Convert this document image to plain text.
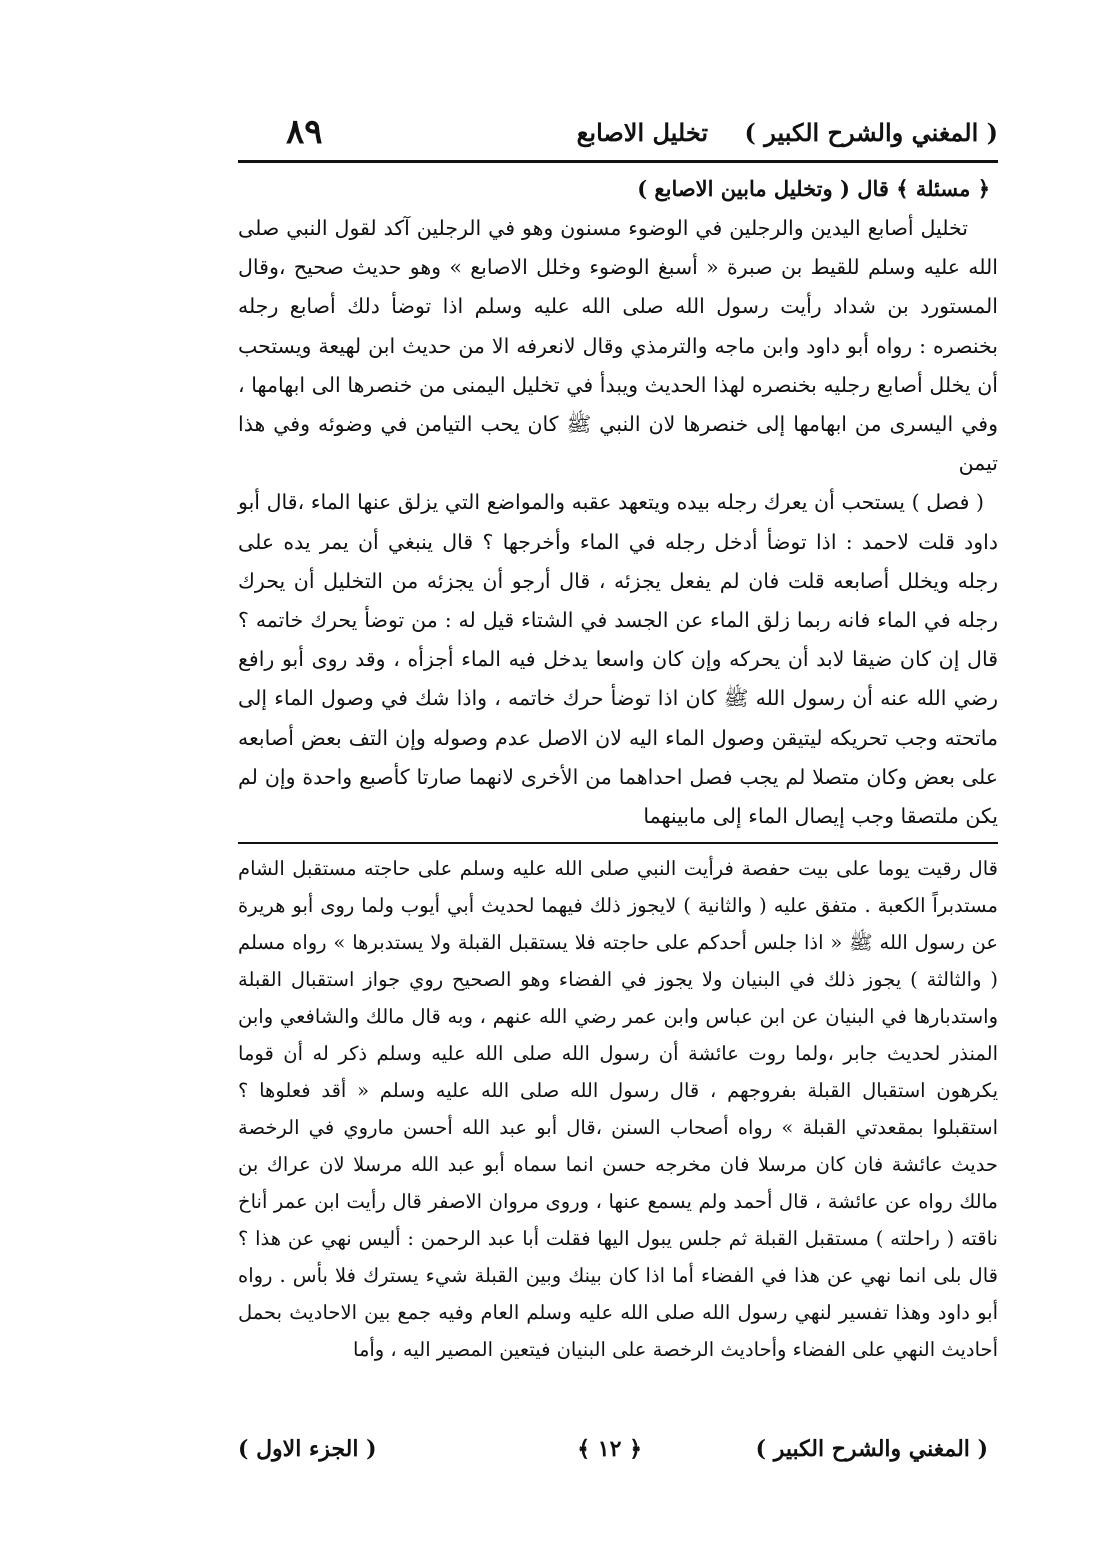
( المغني والشرح الكبير )
تخليل الاصابع
٨٩
﴿ مسئلة ﴾ قال ( وتخليل مابين الاصابع )

تخليل أصابع اليدين والرجلين في الوضوء مسنون وهو في الرجلين آكد لقول النبي صلى الله عليه وسلم للقيط بن صبرة « أسبغ الوضوء وخلل الاصابع » وهو حديث صحيح ،وقال المستورد بن شداد رأيت رسول الله صلى الله عليه وسلم اذا توضأ دلك أصابع رجله بخنصره : رواه أبو داود وابن ماجه والترمذي وقال لانعرفه الا من حديث ابن لهيعة ويستحب أن يخلل أصابع رجليه بخنصره لهذا الحديث ويبدأ في تخليل اليمنى من خنصرها الى ابهامها ، وفي اليسرى من ابهامها إلى خنصرها لان النبي ﷺ كان يحب التيامن في وضوئه وفي هذا تيمن

( فصل ) يستحب أن يعرك رجله بيده ويتعهد عقبه والمواضع التي يزلق عنها الماء ،قال أبو داود قلت لاحمد : اذا توضأ أدخل رجله في الماء وأخرجها ؟ قال ينبغي أن يمر يده على رجله ويخلل أصابعه قلت فان لم يفعل يجزئه ، قال أرجو أن يجزئه من التخليل أن يحرك رجله في الماء فانه ربما زلق الماء عن الجسد في الشتاء قيل له : من توضأ يحرك خاتمه ؟ قال إن كان ضيقا لابد أن يحركه وإن كان واسعا يدخل فيه الماء أجزأه ، وقد روى أبو رافع رضي الله عنه أن رسول الله ﷺ كان اذا توضأ حرك خاتمه ، واذا شك في وصول الماء إلى ماتحته وجب تحريكه ليتيقن وصول الماء اليه لان الاصل عدم وصوله وإن التف بعض أصابعه على بعض وكان متصلا لم يجب فصل احداهما من الأخرى لانهما صارتا كأصبع واحدة وإن لم يكن ملتصقا وجب إيصال الماء إلى مابينهما

قال رقيت يوما على بيت حفصة فرأيت النبي صلى الله عليه وسلم على حاجته مستقبل الشام مستدبراً الكعبة . متفق عليه ( والثانية ) لايجوز ذلك فيهما لحديث أبي أيوب ولما روى أبو هريرة عن رسول الله ﷺ « اذا جلس أحدكم على حاجته فلا يستقبل القبلة ولا يستدبرها » رواه مسلم ( والثالثة ) يجوز ذلك في البنيان ولا يجوز في الفضاء وهو الصحيح روي جواز استقبال القبلة واستدبارها في البنيان عن ابن عباس وابن عمر رضي الله عنهم ، وبه قال مالك والشافعي وابن المنذر لحديث جابر ،ولما روت عائشة أن رسول الله صلى الله عليه وسلم ذكر له أن قوما يكرهون استقبال القبلة بفروجهم ، قال رسول الله صلى الله عليه وسلم « أقد فعلوها ؟ استقبلوا بمقعدتي القبلة » رواه أصحاب السنن ،قال أبو عبد الله أحسن ماروي في الرخصة حديث عائشة فان كان مرسلا فان مخرجه حسن انما سماه أبو عبد الله مرسلا لان عراك بن مالك رواه عن عائشة ، قال أحمد ولم يسمع عنها ، وروى مروان الاصفر قال رأيت ابن عمر أناخ ناقته ( راحلته ) مستقبل القبلة ثم جلس يبول اليها فقلت أبا عبد الرحمن : أليس نهي عن هذا ؟ قال بلى انما نهي عن هذا في الفضاء أما اذا كان بينك وبين القبلة شيء يسترك فلا بأس . رواه أبو داود وهذا تفسير لنهي رسول الله صلى الله عليه وسلم العام وفيه جمع بين الاحاديث بحمل أحاديث النهي على الفضاء وأحاديث الرخصة على البنيان فيتعين المصير اليه ، وأما

( المغني والشرح الكبير )
﴿ ١٢ ﴾
( الجزء الاول )
